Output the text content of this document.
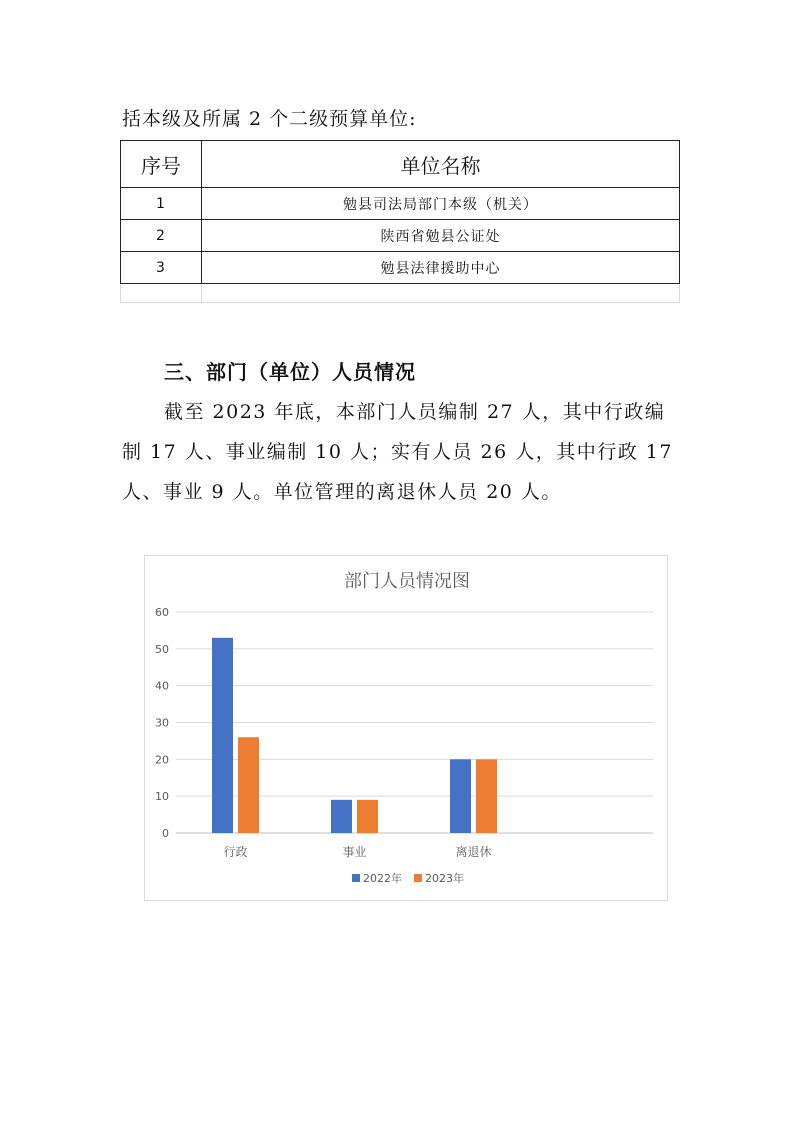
括本级及所属 2 个二级预算单位:
序号	单位名称
1	勉县司法局部门本级（机关）
2	陕西省勉县公证处
3	勉县法律援助中心

三、部门（单位）人员情况
截至 2023 年底，本部门人员编制 27 人，其中行政编制 17 人、事业编制 10 人；实有人员 26 人，其中行政 17 人、事业 9 人。单位管理的离退休人员 20 人。
部门人员情况图
0
10
20
30
40
50
60
行政	事业	离退休
2022年 2023年
